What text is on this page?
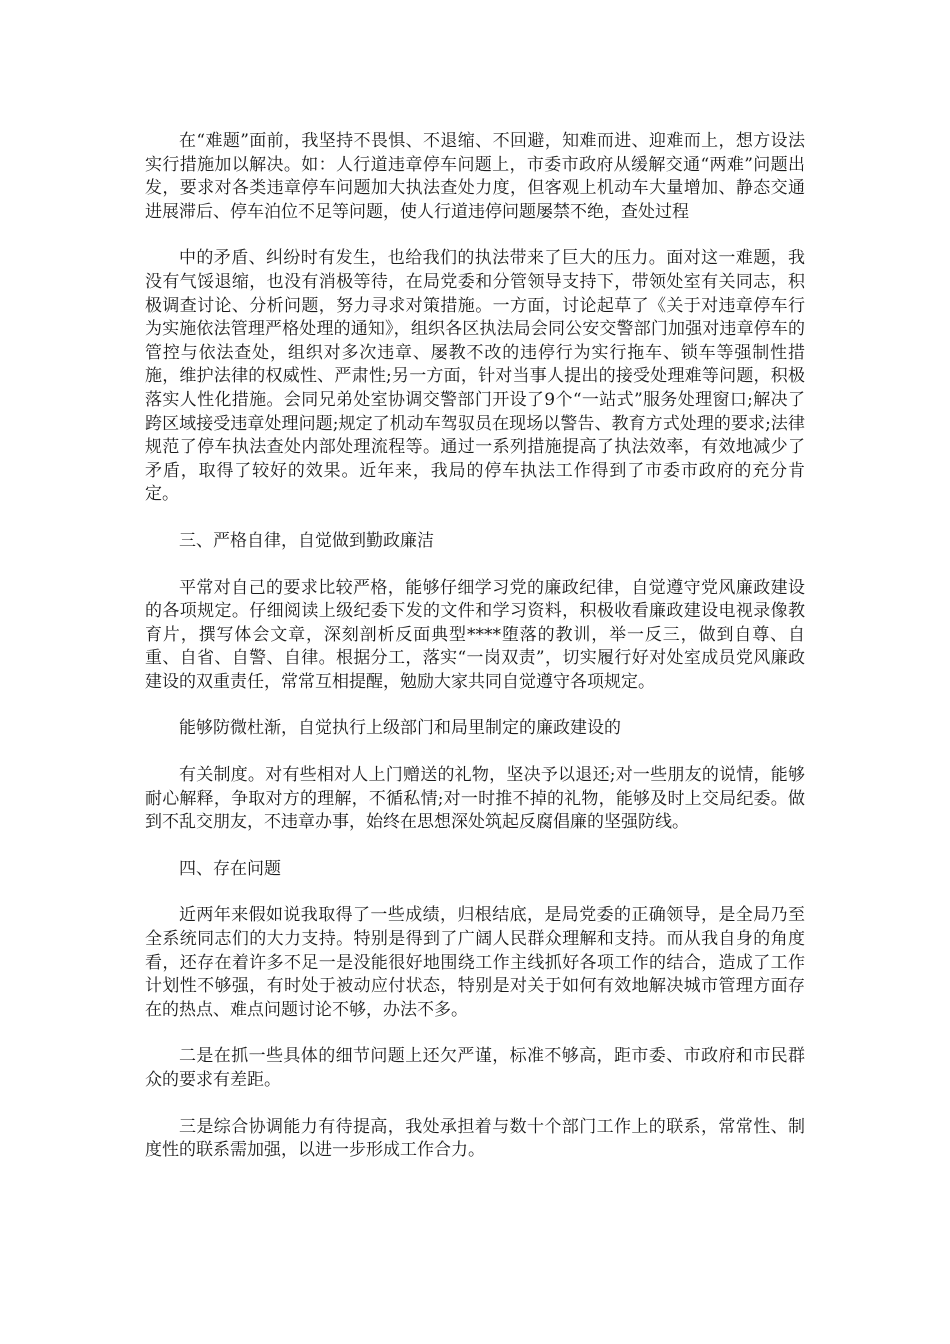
在“难题”面前，我坚持不畏惧、不退缩、不回避，知难而进、迎难而上，想方设法实行措施加以解决。如：人行道违章停车问题上，市委市政府从缓解交通“两难”问题出发，要求对各类违章停车问题加大执法查处力度，但客观上机动车大量增加、静态交通进展滞后、停车泊位不足等问题，使人行道违停问题屡禁不绝，查处过程

中的矛盾、纠纷时有发生，也给我们的执法带来了巨大的压力。面对这一难题，我没有气馁退缩，也没有消极等待，在局党委和分管领导支持下，带领处室有关同志，积极调查讨论、分析问题，努力寻求对策措施。一方面，讨论起草了《关于对违章停车行为实施依法管理严格处理的通知》，组织各区执法局会同公安交警部门加强对违章停车的管控与依法查处，组织对多次违章、屡教不改的违停行为实行拖车、锁车等强制性措施，维护法律的权威性、严肃性;另一方面，针对当事人提出的接受处理难等问题，积极落实人性化措施。会同兄弟处室协调交警部门开设了9个“一站式”服务处理窗口;解决了跨区域接受违章处理问题;规定了机动车驾驭员在现场以警告、教育方式处理的要求;法律规范了停车执法查处内部处理流程等。通过一系列措施提高了执法效率，有效地减少了矛盾，取得了较好的效果。近年来，我局的停车执法工作得到了市委市政府的充分肯定。

三、严格自律，自觉做到勤政廉洁

平常对自己的要求比较严格，能够仔细学习党的廉政纪律，自觉遵守党风廉政建设的各项规定。仔细阅读上级纪委下发的文件和学习资料，积极收看廉政建设电视录像教育片，撰写体会文章，深刻剖析反面典型****堕落的教训，举一反三，做到自尊、自重、自省、自警、自律。根据分工，落实“一岗双责”，切实履行好对处室成员党风廉政建设的双重责任，常常互相提醒，勉励大家共同自觉遵守各项规定。

能够防微杜渐，自觉执行上级部门和局里制定的廉政建设的

有关制度。对有些相对人上门赠送的礼物，坚决予以退还;对一些朋友的说情，能够耐心解释，争取对方的理解，不循私情;对一时推不掉的礼物，能够及时上交局纪委。做到不乱交朋友，不违章办事，始终在思想深处筑起反腐倡廉的坚强防线。

四、存在问题

近两年来假如说我取得了一些成绩，归根结底，是局党委的正确领导，是全局乃至全系统同志们的大力支持。特别是得到了广阔人民群众理解和支持。而从我自身的角度看，还存在着许多不足一是没能很好地围绕工作主线抓好各项工作的结合，造成了工作计划性不够强，有时处于被动应付状态，特别是对关于如何有效地解决城市管理方面存在的热点、难点问题讨论不够，办法不多。

二是在抓一些具体的细节问题上还欠严谨，标准不够高，距市委、市政府和市民群众的要求有差距。

三是综合协调能力有待提高，我处承担着与数十个部门工作上的联系，常常性、制度性的联系需加强，以进一步形成工作合力。
